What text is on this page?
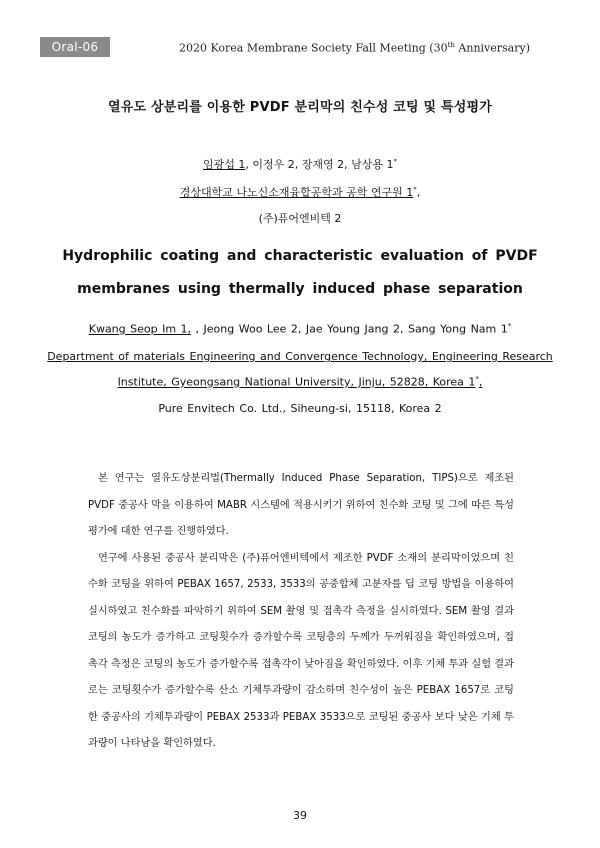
Oral-06	2020 Korea Membrane Society Fall Meeting (30th Anniversary)
열유도 상분리를 이용한 PVDF 분리막의 친수성 코팅 및 특성평가
임광섭 1, 이정우 2, 장재영 2, 남상용 1*
경상대학교 나노신소재융합공학과 공학 연구원 1*,
(주)퓨어엔비텍 2
Hydrophilic coating and characteristic evaluation of PVDF
membranes using thermally induced phase separation
Kwang Seop Im 1, , Jeong Woo Lee 2, Jae Young Jang 2, Sang Yong Nam 1*
Department of materials Engineering and Convergence Technology, Engineering Research
Institute, Gyeongsang National University, Jinju, 52828, Korea 1*,
Pure Envitech Co. Ltd., Siheung-si, 15118, Korea 2

본 연구는 열유도상분리법(Thermally Induced Phase Separation, TIPS)으로 제조된 PVDF 중공사 막을 이용하여 MABR 시스템에 적용시키기 위하여 친수화 코팅 및 그에 따른 특성 평가에 대한 연구를 진행하였다.

연구에 사용된 중공사 분리막은 (주)퓨어엔비텍에서 제조한 PVDF 소재의 분리막이었으며 친수화 코팅을 위하여 PEBAX 1657, 2533, 3533의 공중합체 고분자를 딥 코팅 방법을 이용하여 실시하였고 친수화를 파악하기 위하여 SEM 촬영 및 접촉각 측정을 실시하였다. SEM 촬영 결과 코팅의 농도가 증가하고 코팅횟수가 증가할수록 코팅층의 두께가 두꺼워짐을 확인하였으며, 접촉각 측정은 코팅의 농도가 증가할수록 접촉각이 낮아짐을 확인하였다. 이후 기체 투과 실험 결과로는 코팅횟수가 증가할수록 산소 기체투과량이 감소하며 친수성이 높은 PEBAX 1657로 코팅한 중공사의 기체투과량이 PEBAX 2533과 PEBAX 3533으로 코팅된 중공사 보다 낮은 기체 투과량이 나타남을 확인하였다.

39
